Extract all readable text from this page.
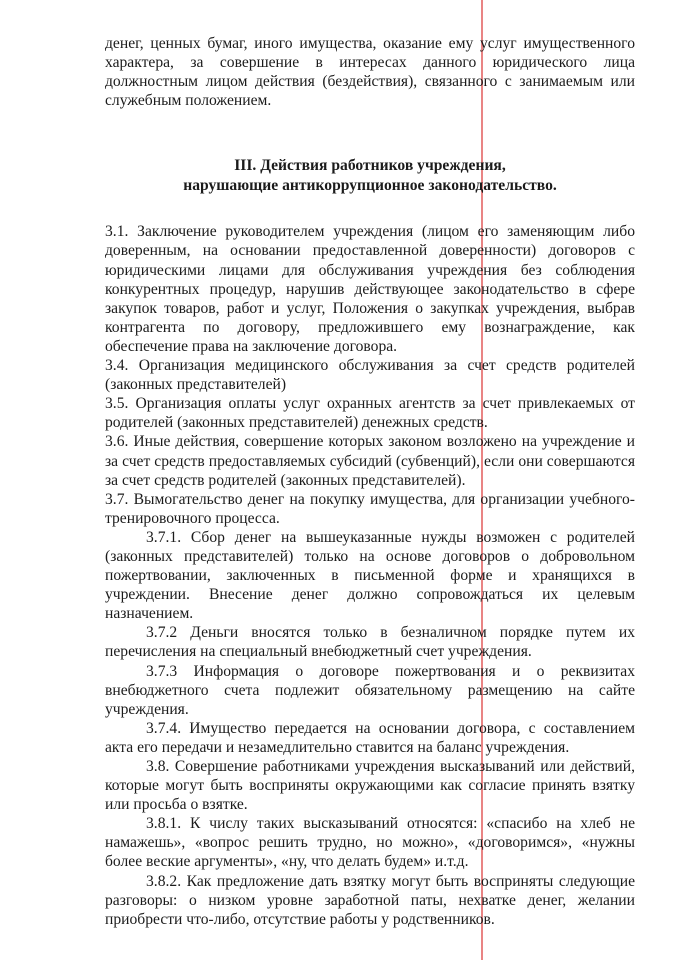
денег, ценных бумаг, иного имущества, оказание ему услуг имущественного характера, за совершение в интересах данного юридического лица должностным лицом действия (бездействия), связанного с занимаемым или служебным положением.

III. Действия работников учреждения,
нарушающие антикоррупционное законодательство.

3.1. Заключение руководителем учреждения (лицом его заменяющим либо доверенным, на основании предоставленной доверенности) договоров с юридическими лицами для обслуживания учреждения без соблюдения конкурентных процедур, нарушив действующее законодательство в сфере закупок товаров, работ и услуг, Положения о закупках учреждения, выбрав контрагента по договору, предложившего ему вознаграждение, как обеспечение права на заключение договора.

3.4. Организация медицинского обслуживания за счет средств родителей (законных представителей)

3.5. Организация оплаты услуг охранных агентств за счет привлекаемых от родителей (законных представителей) денежных средств.

3.6. Иные действия, совершение которых законом возложено на учреждение и за счет средств предоставляемых субсидий (субвенций), если они совершаются за счет средств родителей (законных представителей).

3.7. Вымогательство денег на покупку имущества, для организации учебного- тренировочного процесса.

3.7.1. Сбор денег на вышеуказанные нужды возможен с родителей (законных представителей) только на основе договоров о добровольном пожертвовании, заключенных в письменной форме и хранящихся в учреждении. Внесение денег должно сопровождаться их целевым назначением.

3.7.2 Деньги вносятся только в безналичном порядке путем их перечисления на специальный внебюджетный счет учреждения.

3.7.3 Информация о договоре пожертвования и о реквизитах внебюджетного счета подлежит обязательному размещению на сайте учреждения.

3.7.4. Имущество передается на основании договора, с составлением акта его передачи и незамедлительно ставится на баланс учреждения.

3.8. Совершение работниками учреждения высказываний или действий, которые могут быть восприняты окружающими как согласие принять взятку или просьба о взятке.

3.8.1. К числу таких высказываний относятся: «спасибо на хлеб не намажешь», «вопрос решить трудно, но можно», «договоримся», «нужны более веские аргументы», «ну, что делать будем» и.т.д.

3.8.2. Как предложение дать взятку могут быть восприняты следующие разговоры: о низком уровне заработной паты, нехватке денег, желании приобрести что-либо, отсутствие работы у родственников.
